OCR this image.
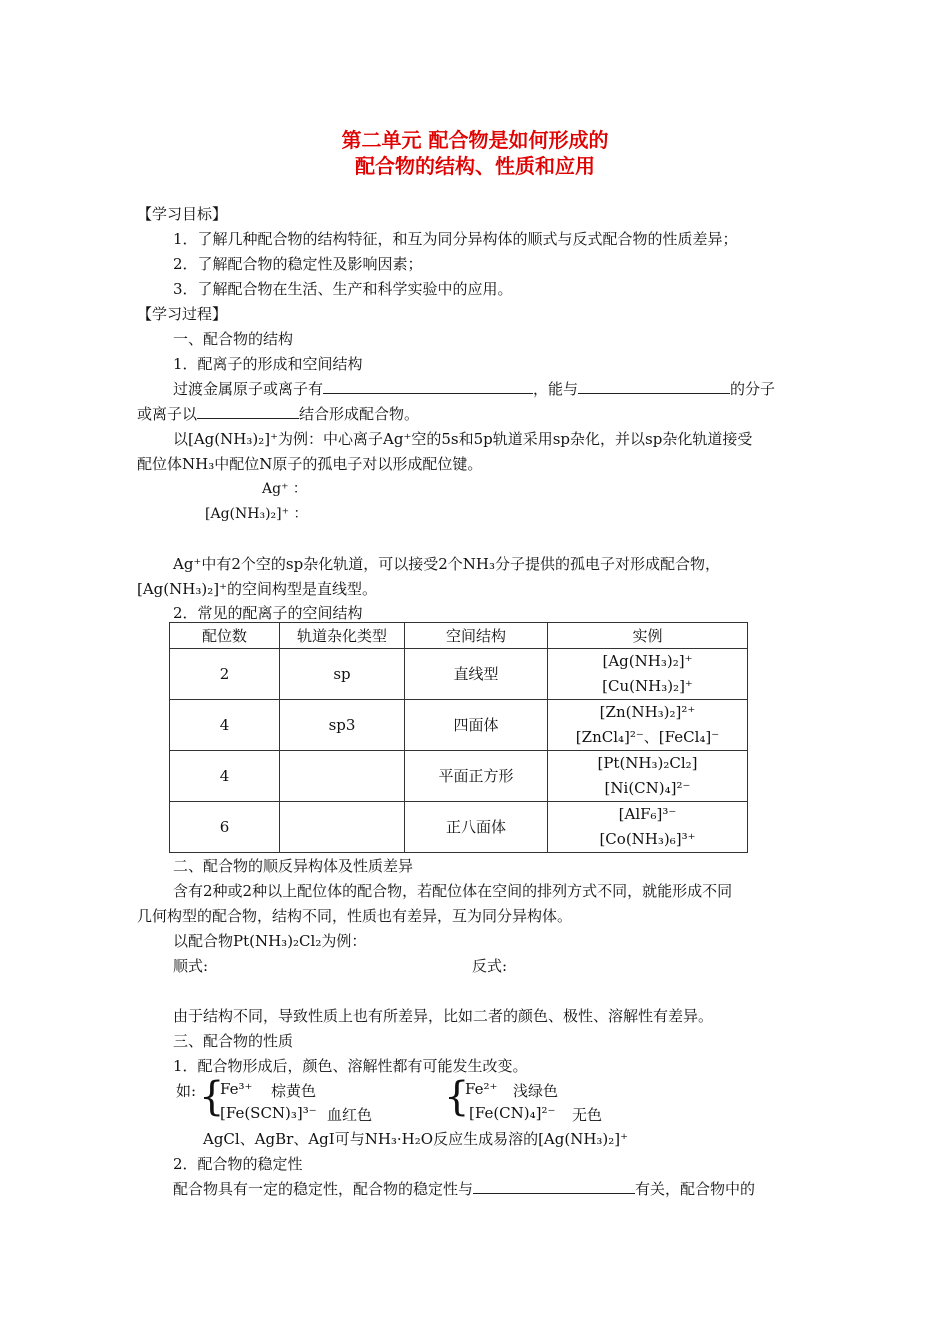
第二单元 配合物是如何形成的
配合物的结构、性质和应用
【学习目标】
1．了解几种配合物的结构特征，和互为同分异构体的顺式与反式配合物的性质差异；
2．了解配合物的稳定性及影响因素；
3．了解配合物在生活、生产和科学实验中的应用。
【学习过程】
一、配合物的结构
1．配离子的形成和空间结构
过渡金属原子或离子有	，能与	的分子
或离子以	结合形成配合物。
以[Ag(NH₃)₂]⁺为例：中心离子Ag⁺空的5s和5p轨道采用sp杂化，并以sp杂化轨道接受
配位体NH₃中配位N原子的孤电子对以形成配位键。
Ag⁺ ：
[Ag(NH₃)₂]⁺ ：
Ag⁺中有2个空的sp杂化轨道，可以接受2个NH₃分子提供的孤电子对形成配合物，
[Ag(NH₃)₂]⁺的空间构型是直线型。
2．常见的配离子的空间结构
配位数	轨道杂化类型	空间结构	实例
2	sp	直线型	[Ag(NH₃)₂]⁺
[Cu(NH₃)₂]⁺

4	sp3	四面体	[Zn(NH₃)₂]²⁺
[ZnCl₄]²⁻、[FeCl₄]⁻

4		平面正方形	[Pt(NH₃)₂Cl₂]
[Ni(CN)₄]²⁻

6		正八面体	[AlF₆]³⁻
[Co(NH₃)₆]³⁺
二、配合物的顺反异构体及性质差异
含有2种或2种以上配位体的配合物，若配位体在空间的排列方式不同，就能形成不同
几何构型的配合物，结构不同，性质也有差异，互为同分异构体。
以配合物Pt(NH₃)₂Cl₂为例：
顺式:	反式:
由于结构不同，导致性质上也有所差异，比如二者的颜色、极性、溶解性有差异。
三、配合物的性质
1．配合物形成后，颜色、溶解性都有可能发生改变。
如: {
Fe³⁺ 棕黄色
[Fe(SCN)₃]³⁻ 血红色 {
Fe²⁺ 浅绿色
[Fe(CN)₄]²⁻ 无色
AgCl、AgBr、AgI可与NH₃·H₂O反应生成易溶的[Ag(NH₃)₂]⁺
2．配合物的稳定性
配合物具有一定的稳定性，配合物的稳定性与	有关，配合物中的
